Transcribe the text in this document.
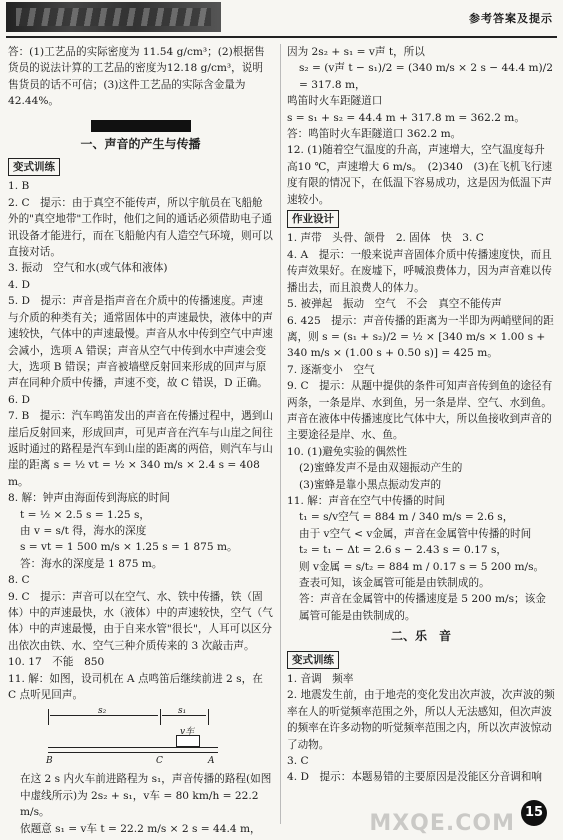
参考答案及提示

答：(1)工艺品的实际密度为 11.54 g/cm³；(2)根据售货员的说法计算的工艺品的密度为12.18 g/cm³，说明售货员的话不可信；(3)这件工艺品的实际含金量为 42.44%。

一、声音的产生与传播
变式训练

1. B

2. C　提示：由于真空不能传声，所以宇航员在飞船舱外的"真空地带"工作时，他们之间的通话必须借助电子通讯设备才能进行，而在飞船舱内有人造空气环境，则可以直接对话。

3. 振动　空气和水(或气体和液体)

4. D

5. D　提示：声音是指声音在介质中的传播速度。声速与介质的种类有关；通常固体中的声速最快，液体中的声速较快，气体中的声速最慢。声音从水中传到空气中声速会减小，选项 A 错误；声音从空气中传到水中声速会变大，选项 B 错误；声音被墙壁反射回来形成的回声与原声在同种介质中传播，声速不变，故 C 错误，D 正确。

6. D

7. B　提示：汽车鸣笛发出的声音在传播过程中，遇到山崖后反射回来，形成回声，可见声音在汽车与山崖之间往返时通过的路程是汽车到山崖的距离的两倍，则汽车与山崖的距离 s = ½ vt = ½ × 340 m/s × 2.4 s = 408 m。

8. 解：钟声由海面传到海底的时间

t = ½ × 2.5 s = 1.25 s，

由 v = s/t 得，海水的深度

s = vt = 1 500 m/s × 1.25 s = 1 875 m。

答：海水的深度是 1 875 m。

8. C

9. C　提示：声音可以在空气、水、铁中传播，铁（固体）中的声速最快，水（液体）中的声速较快，空气（气体）中的声速最慢，由于自来水管"很长"，人耳可以区分出依次由铁、水、空气三种介质传来的 3 次敲击声。

10. 17　不能　850

11. 解：如图，设司机在 A 点鸣笛后继续前进 2 s，在 C 点听见回声。

s₂	s₁
v车
B	C	A

在这 2 s 内火车前进路程为 s₁，声音传播的路程(如图中虚线所示)为 2s₂ + s₁，v车 = 80 km/h = 22.2 m/s。

依题意 s₁ = v车 t = 22.2 m/s × 2 s = 44.4 m，

因为 2s₂ + s₁ = v声 t，所以

s₂ = (v声 t − s₁)/2 = (340 m/s × 2 s − 44.4 m)/2 = 317.8 m，

鸣笛时火车距隧道口

s = s₁ + s₂ = 44.4 m + 317.8 m = 362.2 m。

答：鸣笛时火车距隧道口 362.2 m。

12. (1)随着空气温度的升高，声速增大，空气温度每升高10 ℃，声速增大 6 m/s。　(2)340　(3)在飞机飞行速度有限的情况下，在低温下容易成功，这是因为低温下声速较小。

作业设计

1. 声带　头骨、颌骨　2. 固体　快　3. C

4. A　提示：一般来说声音固体介质中传播速度快，而且传声效果好。在废墟下，呼喊浪费体力，因为声音难以传播出去，而且浪费人的体力。

5. 被弹起　振动　空气　不会　真空不能传声

6. 425　提示：声音传播的距离为一半即为两峭壁间的距离，则 s = (s₁ + s₂)/2 = ½ × [340 m/s × 1.00 s + 340 m/s × (1.00 s + 0.50 s)] = 425 m。

7. 逐渐变小　空气

9. C　提示：从题中提供的条件可知声音传到鱼的途径有两条，一条是岸、水到鱼，另一条是岸、空气、水到鱼。声音在液体中传播速度比气体中大，所以鱼接收到声音的主要途径是岸、水、鱼。

10. (1)避免实验的偶然性

(2)蜜蜂发声不是由双翅振动产生的

(3)蜜蜂是靠小黑点振动发声的

11. 解：声音在空气中传播的时间

t₁ = s/v空气 = 884 m / 340 m/s = 2.6 s，

由于 v空气 < v金属，声音在金属管中传播的时间

t₂ = t₁ − Δt = 2.6 s − 2.43 s = 0.17 s，

则 v金属 = s/t₂ = 884 m / 0.17 s = 5 200 m/s。

查表可知，该金属管可能是由铁制成的。

答：声音在金属管中的传播速度是 5 200 m/s；该金属管可能是由铁制成的。

二、乐　音
变式训练

1. 音调　频率

2. 地震发生前，由于地壳的变化发出次声波，次声波的频率在人的听觉频率范围之外，所以人无法感知，但次声波的频率在许多动物的听觉频率范围之内，所以次声波惊动了动物。

3. C

4. D　提示：本题易错的主要原因是没能区分音调和响

MXQE.COM 15
